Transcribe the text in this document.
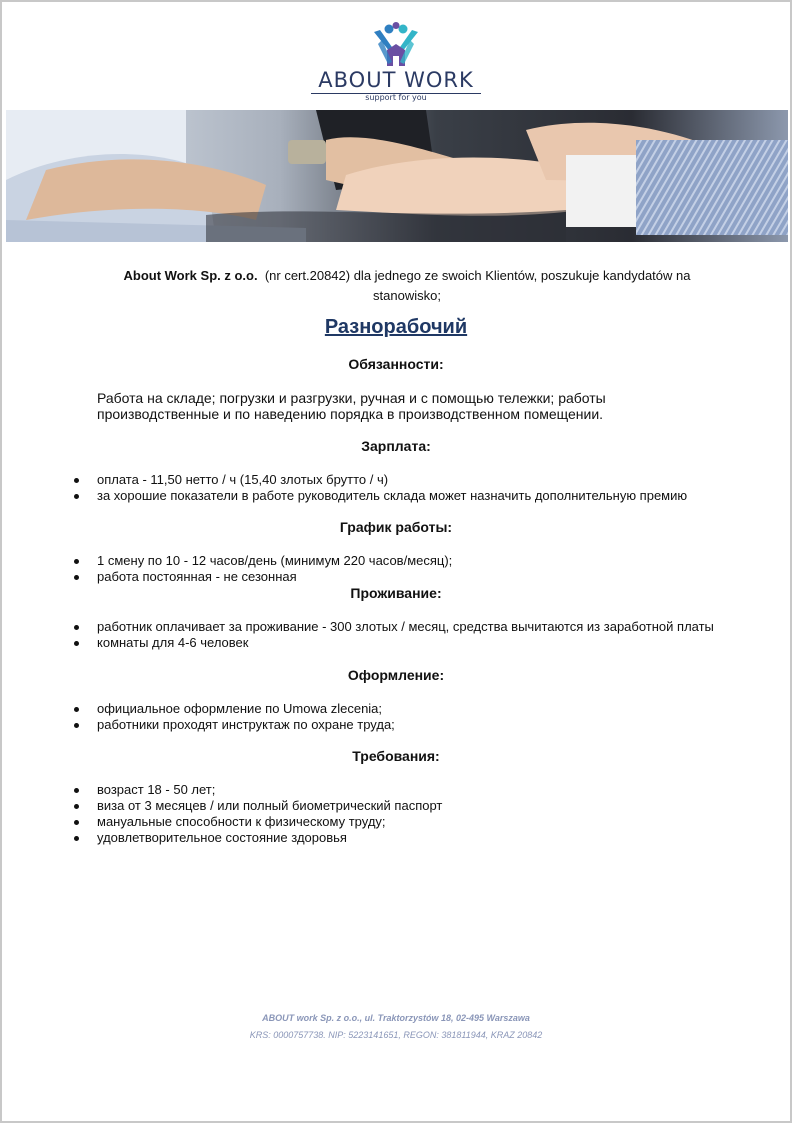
ABOUT WORK
support for you
About Work Sp. z o.o. (nr cert.20842) dla jednego ze swoich Klientów, poszukuje kandydatów na stanowisko;
Разнорабочий
Обязанности:
Работа на складе; погрузки и разгрузки, ручная и с помощью тележки; работы производственные и по наведению порядка в производственном помещении.
Зарплата:
оплата - 11,50 нетто / ч (15,40 злотых брутто / ч)
за хорошие показатели в работе руководитель склада может назначить дополнительную премию
График работы:
1 смену по 10 - 12 часов/день (минимум 220 часов/месяц);
работа постоянная - не сезонная
Проживание:
работник оплачивает за проживание - 300 злотых / месяц, средства вычитаются из заработной платы
комнаты для 4-6 человек
Оформление:
официальное оформление по Umowa zlecenia;
работники проходят инструктаж по охране труда;
Требования:
возраст 18 - 50 лет;
виза от 3 месяцев / или полный биометрический паспорт
мануальные способности к физическому труду;
удовлетворительное состояние здоровья
ABOUT work Sp. z o.o., ul. Traktorzystów 18, 02-495 Warszawa
KRS: 0000757738. NIP: 5223141651, REGON: 381811944, KRAZ 20842
